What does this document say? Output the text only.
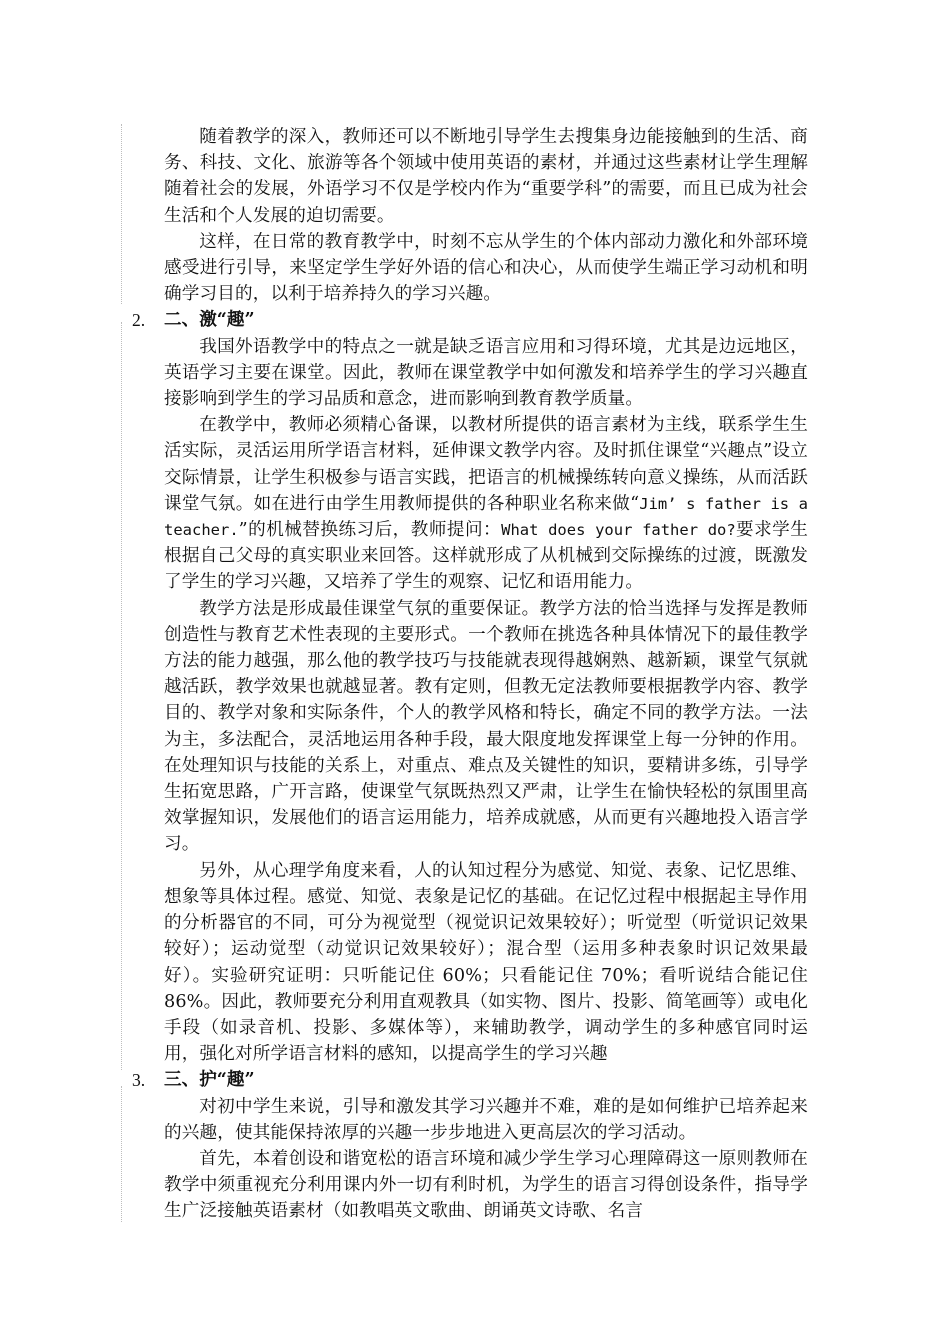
随着教学的深入，教师还可以不断地引导学生去搜集身边能接触到的生活、商务、科技、文化、旅游等各个领域中使用英语的素材，并通过这些素材让学生理解随着社会的发展，外语学习不仅是学校内作为“重要学科”的需要，而且已成为社会生活和个人发展的迫切需要。

这样，在日常的教育教学中，时刻不忘从学生的个体内部动力激化和外部环境感受进行引导，来坚定学生学好外语的信心和决心，从而使学生端正学习动机和明确学习目的，以利于培养持久的学习兴趣。

2. 二、激“趣”

我国外语教学中的特点之一就是缺乏语言应用和习得环境，尤其是边远地区，英语学习主要在课堂。因此，教师在课堂教学中如何激发和培养学生的学习兴趣直接影响到学生的学习品质和意念，进而影响到教育教学质量。

在教学中，教师必须精心备课，以教材所提供的语言素材为主线，联系学生生活实际，灵活运用所学语言材料，延伸课文教学内容。及时抓住课堂“兴趣点”设立交际情景，让学生积极参与语言实践，把语言的机械操练转向意义操练，从而活跃课堂气氛。如在进行由学生用教师提供的各种职业名称来做“Jim’ s father is a teacher.”的机械替换练习后，教师提问：What does your father do?要求学生根据自己父母的真实职业来回答。这样就形成了从机械到交际操练的过渡，既激发了学生的学习兴趣，又培养了学生的观察、记忆和语用能力。

教学方法是形成最佳课堂气氛的重要保证。教学方法的恰当选择与发挥是教师创造性与教育艺术性表现的主要形式。一个教师在挑选各种具体情况下的最佳教学方法的能力越强，那么他的教学技巧与技能就表现得越娴熟、越新颖，课堂气氛就越活跃，教学效果也就越显著。教有定则，但教无定法教师要根据教学内容、教学目的、教学对象和实际条件，个人的教学风格和特长，确定不同的教学方法。一法为主，多法配合，灵活地运用各种手段，最大限度地发挥课堂上每一分钟的作用。在处理知识与技能的关系上，对重点、难点及关键性的知识，要精讲多练，引导学生拓宽思路，广开言路，使课堂气氛既热烈又严肃，让学生在愉快轻松的氛围里高效掌握知识，发展他们的语言运用能力，培养成就感，从而更有兴趣地投入语言学习。

另外，从心理学角度来看，人的认知过程分为感觉、知觉、表象、记忆思维、想象等具体过程。感觉、知觉、表象是记忆的基础。在记忆过程中根据起主导作用的分析器官的不同，可分为视觉型（视觉识记效果较好）；听觉型（听觉识记效果较好）；运动觉型（动觉识记效果较好）；混合型（运用多种表象时识记效果最好）。实验研究证明：只听能记住 60%；只看能记住 70%；看听说结合能记住 86%。因此，教师要充分利用直观教具（如实物、图片、投影、简笔画等）或电化手段（如录音机、投影、多媒体等），来辅助教学，调动学生的多种感官同时运用，强化对所学语言材料的感知，以提高学生的学习兴趣

3. 三、护“趣”

对初中学生来说，引导和激发其学习兴趣并不难，难的是如何维护已培养起来的兴趣，使其能保持浓厚的兴趣一步步地进入更高层次的学习活动。

首先，本着创设和谐宽松的语言环境和减少学生学习心理障碍这一原则教师在教学中须重视充分利用课内外一切有利时机，为学生的语言习得创设条件，指导学生广泛接触英语素材（如教唱英文歌曲、朗诵英文诗歌、名言
